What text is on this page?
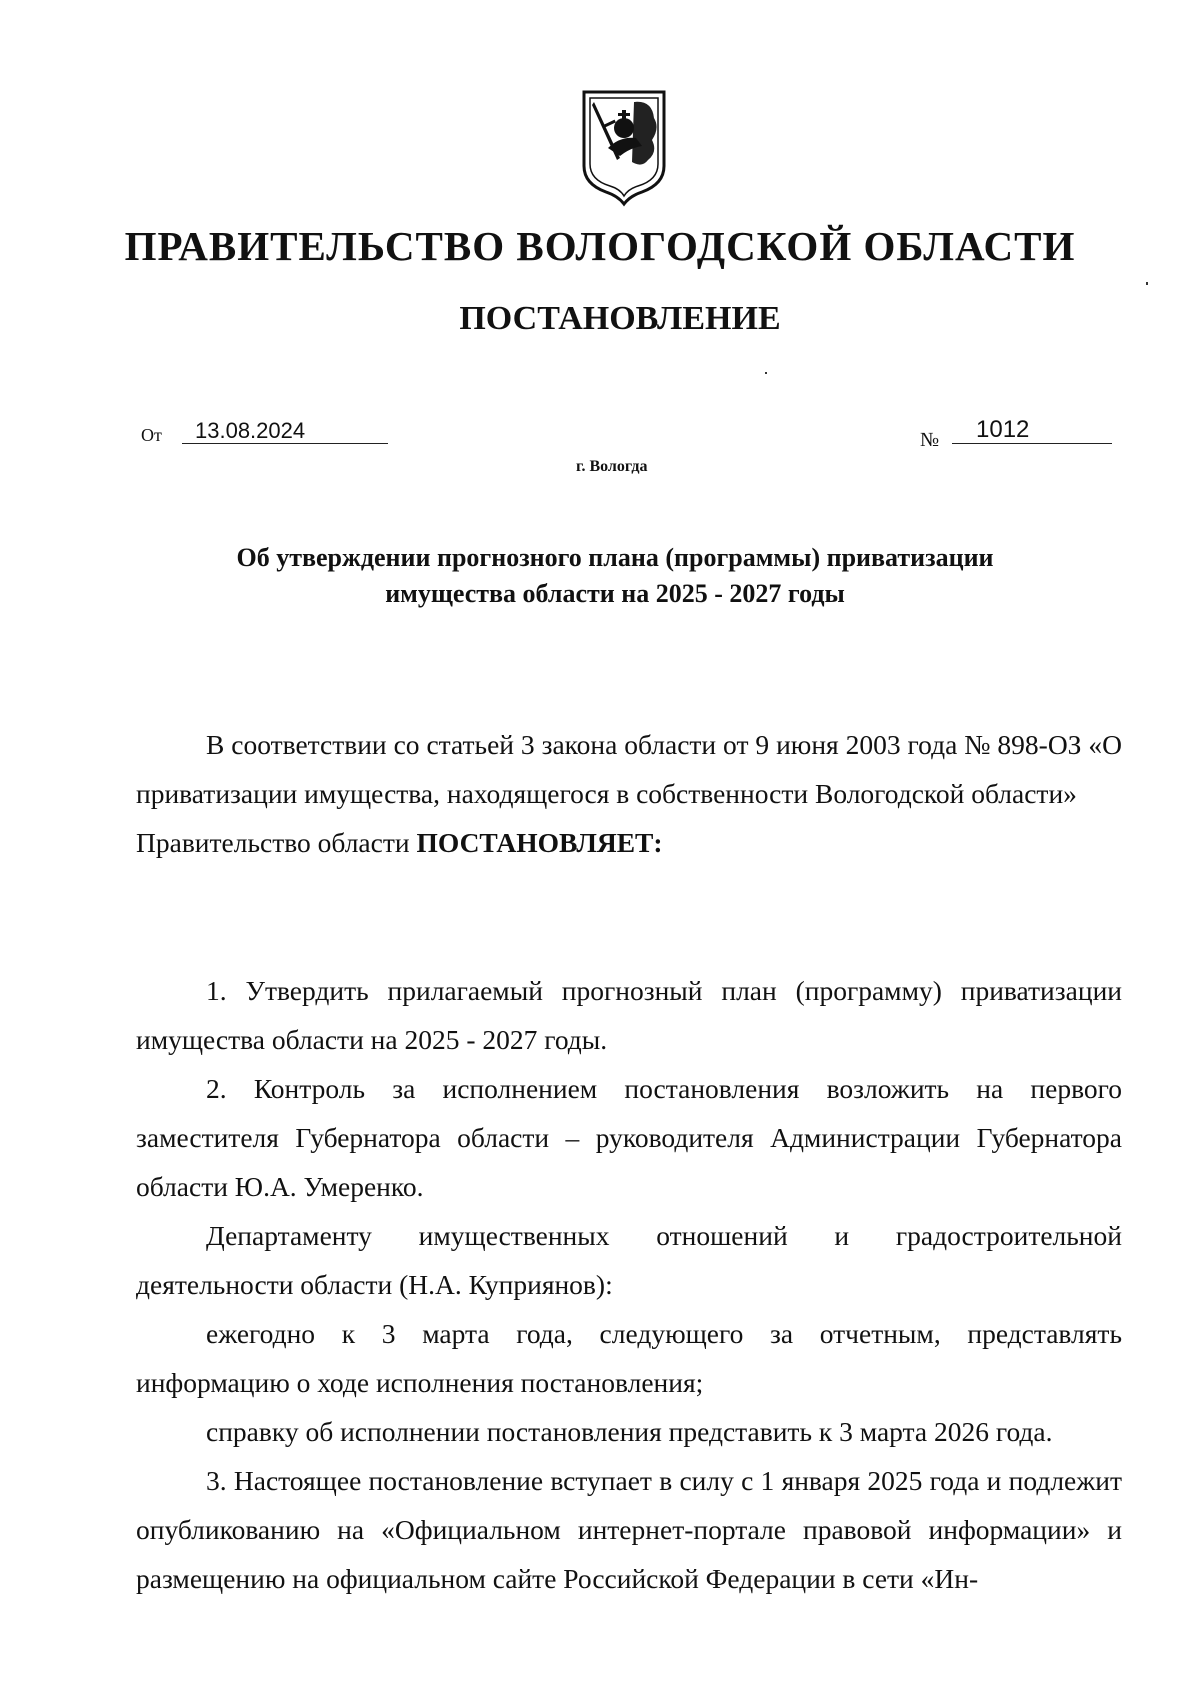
ПРАВИТЕЛЬСТВО ВОЛОГОДСКОЙ ОБЛАСТИ
ПОСТАНОВЛЕНИЕ
От	13.08.2024	№	1012
г. Вологда
Об утверждении прогнозного плана (программы) приватизации
имущества области на 2025 - 2027 годы

В соответствии со статьей 3 закона области от 9 июня 2003 года № 898-ОЗ «О приватизации имущества, находящегося в собственности Вологодской области»

Правительство области ПОСТАНОВЛЯЕТ:

1. Утвердить прилагаемый прогнозный план (программу) приватизации имущества области на 2025 - 2027 годы.

2. Контроль за исполнением постановления возложить на первого заместителя Губернатора области – руководителя Администрации Губернатора области Ю.А. Умеренко.

Департаменту имущественных отношений и градостроительной деятельности области (Н.А. Куприянов):

ежегодно к 3 марта года, следующего за отчетным, представлять информацию о ходе исполнения постановления;

справку об исполнении постановления представить к 3 марта 2026 года.

3. Настоящее постановление вступает в силу с 1 января 2025 года и подлежит опубликованию на «Официальном интернет-портале правовой информации» и размещению на официальном сайте Российской Федерации в сети «Ин-
